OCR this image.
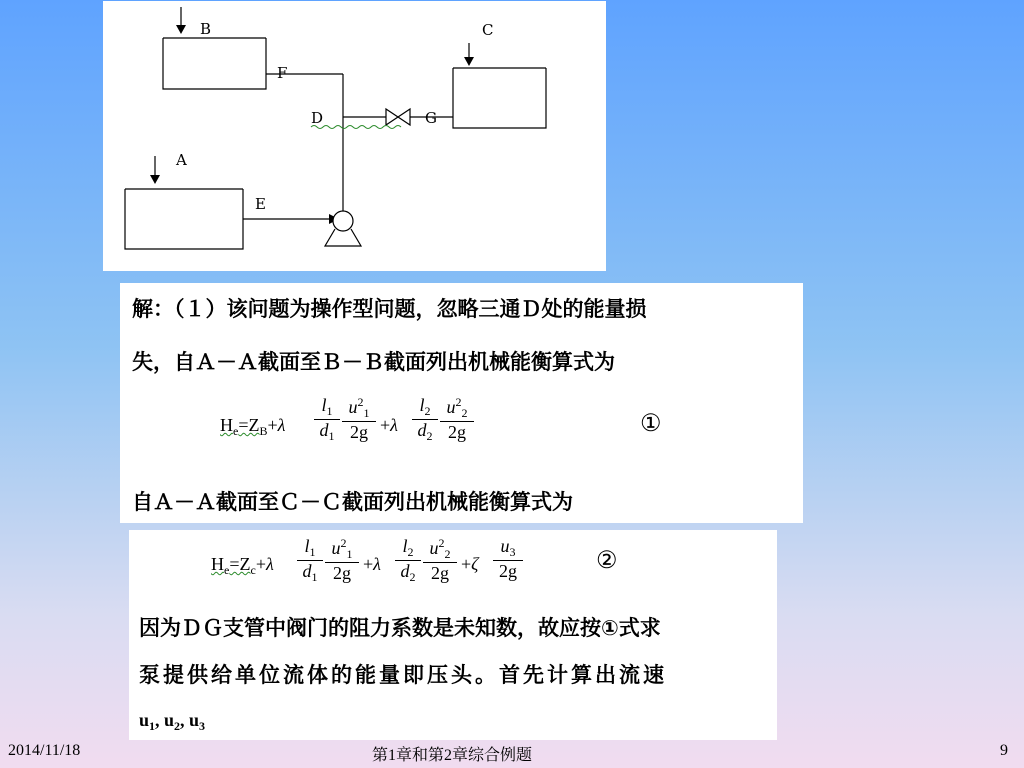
B	C
A
F
D	G
E
解：（１）该问题为操作型问题，忽略三通Ｄ处的能量损
失，自Ａ－Ａ截面至Ｂ－Ｂ截面列出机械能衡算式为
$H_e=Z_B+\lambda$
$l_1$
$d_1$
$u^2_1$
2g +λ
$l_2$
$d_2$
$u^2_2$
2g	①
自Ａ－Ａ截面至Ｃ－Ｃ截面列出机械能衡算式为
$H_e=Z_c+\lambda$
$l_1$
$d_1$
$u^2_1$
2g +λ
$l_2$
$d_2$
$u^2_2$
2g +ζ
$u_3$
2g	②
因为ＤＧ支管中阀门的阻力系数是未知数，故应按①式求
泵提供给单位流体的能量即压头。首先计算出流速
$u_1$, $u_2$, $u_3$
2014/11/18	第1章和第2章综合例题	9
